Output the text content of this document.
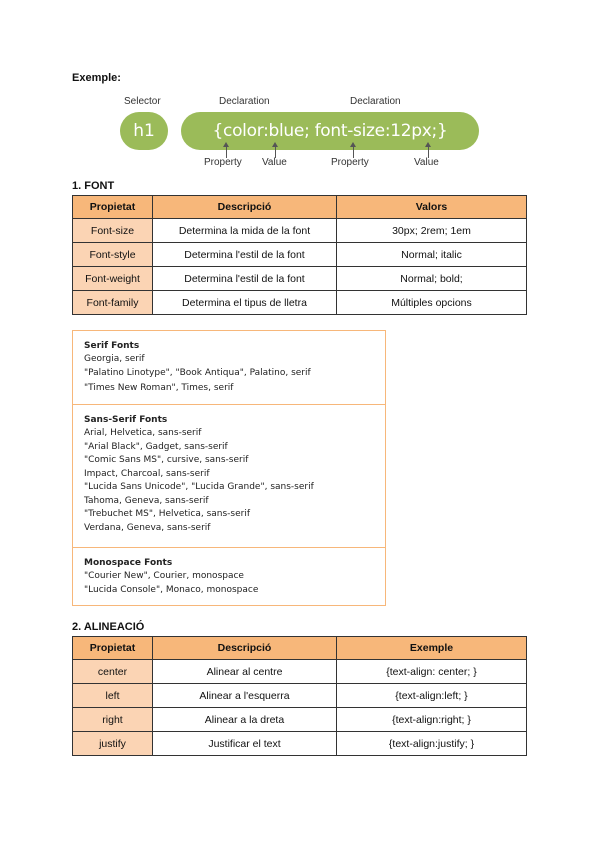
Exemple:
Selector	Declaration	Declaration
h1	{color:blue; font-size:12px;}
Property Value	Property	Value
1. FONT
Propietat	Descripció	Valors
Font-size	Determina la mida de la font	30px; 2rem; 1em
Font-style	Determina l'estil de la font	Normal; italic
Font-weight	Determina l'estil de la font	Normal; bold;
Font-family	Determina el tipus de lletra	Múltiples opcions
Serif Fonts
Georgia, serif
"Palatino Linotype", "Book Antiqua", Palatino, serif
"Times New Roman", Times, serif
Sans-Serif Fonts
Arial, Helvetica, sans-serif
"Arial Black", Gadget, sans-serif
"Comic Sans MS", cursive, sans-serif
Impact, Charcoal, sans-serif
"Lucida Sans Unicode", "Lucida Grande", sans-serif
Tahoma, Geneva, sans-serif
"Trebuchet MS", Helvetica, sans-serif
Verdana, Geneva, sans-serif
Monospace Fonts
"Courier New", Courier, monospace
"Lucida Console", Monaco, monospace
2. ALINEACIÓ
Propietat	Descripció	Exemple
center	Alinear al centre	{text-align: center; }
left	Alinear a l'esquerra	{text-align:left; }
right	Alinear a la dreta	{text-align:right; }
justify	Justificar el text	{text-align:justify; }
